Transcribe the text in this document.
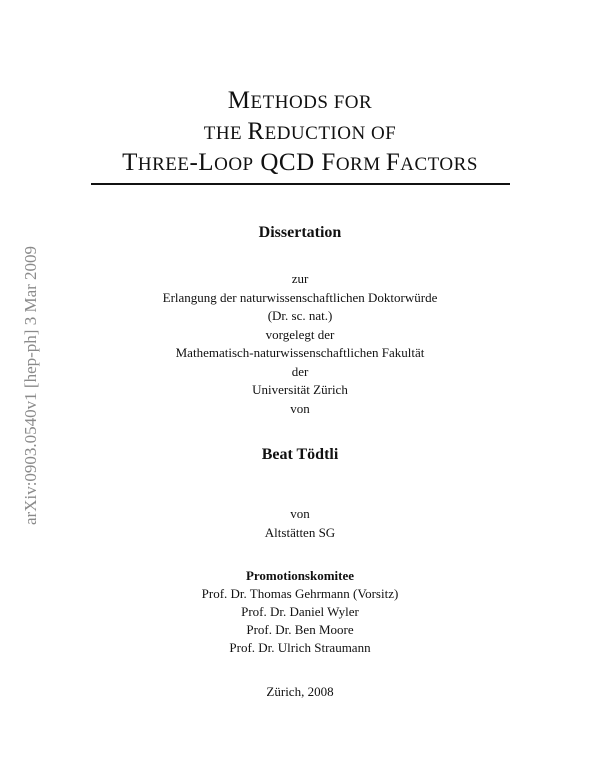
arXiv:0903.0540v1 [hep-ph] 3 Mar 2009
METHODS FOR
THE REDUCTION OF
THREE-LOOP QCD FORM FACTORS
Dissertation
zur
Erlangung der naturwissenschaftlichen Doktorwürde
(Dr. sc. nat.)
vorgelegt der
Mathematisch-naturwissenschaftlichen Fakultät
der
Universität Zürich
von
Beat Tödtli
von
Altstätten SG
Promotionskomitee
Prof. Dr. Thomas Gehrmann (Vorsitz)
Prof. Dr. Daniel Wyler
Prof. Dr. Ben Moore
Prof. Dr. Ulrich Straumann
Zürich, 2008
